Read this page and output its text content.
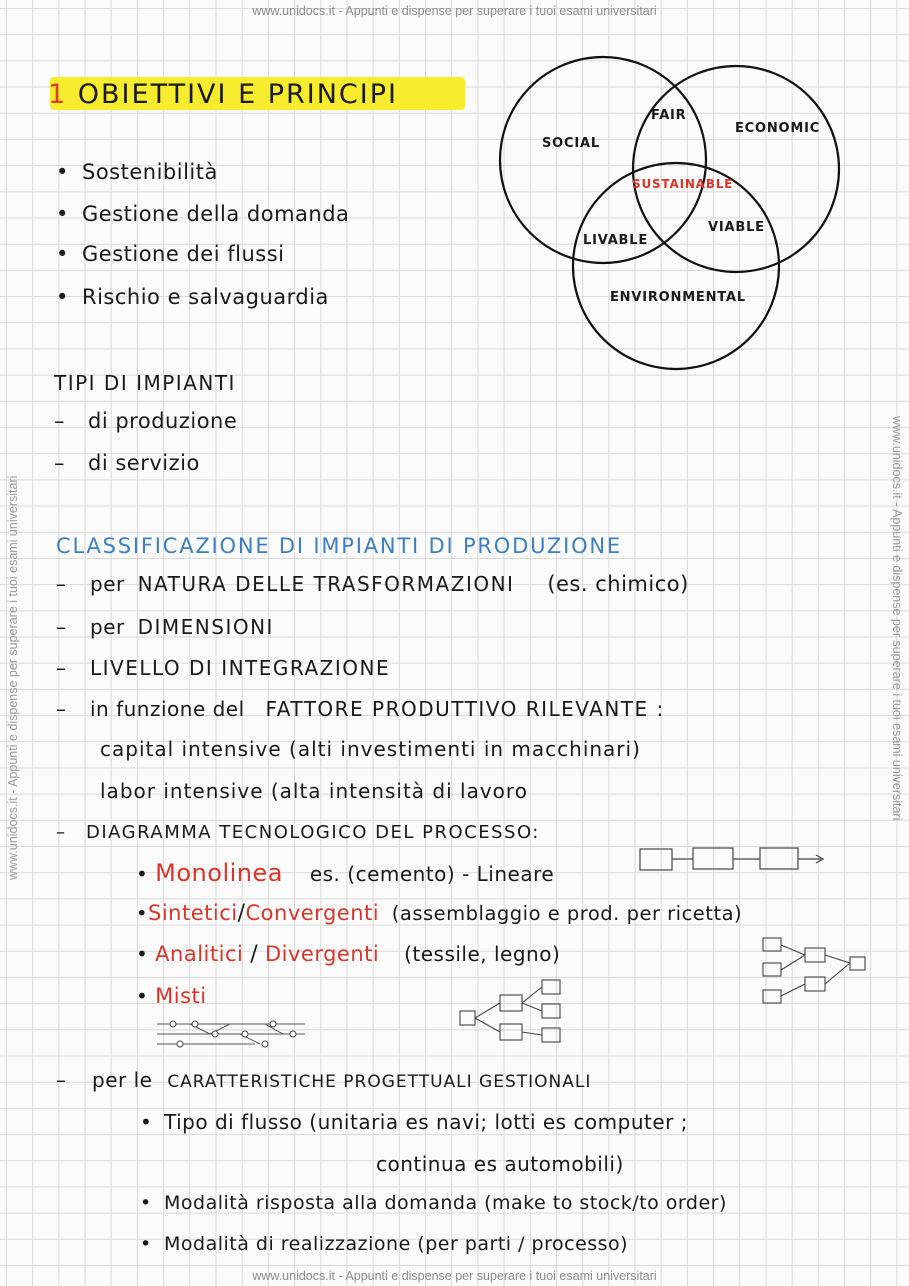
www.unidocs.it - Appunti e dispense per superare i tuoi esami universitari
www.unidocs.it - Appunti e dispense per superare i tuoi esami universitari
www.unidocs.it - Appunti e dispense per superare i tuoi esami universitari	www.unidocs.it - Appunti e dispense per superare i tuoi esami universitari
1 OBIETTIVI E PRINCIPI
• Sostenibilità
• Gestione della domanda
• Gestione dei flussi
• Rischio e salvaguardia
TIPI DI IMPIANTI
– di produzione
– di servizio
SOCIAL
ECONOMIC
ENVIRONMENTAL
FAIR
LIVABLE
VIABLE
SUSTAINABLE
CLASSIFICAZIONE DI IMPIANTI DI PRODUZIONE
– per NATURA DELLE TRASFORMAZIONI (es. chimico)
– per DIMENSIONI
– LIVELLO DI INTEGRAZIONE
– in funzione del FATTORE PRODUTTIVO RILEVANTE :
capital intensive (alti investimenti in macchinari)
labor intensive (alta intensità di lavoro
– DIAGRAMMA TECNOLOGICO DEL PROCESSO:
• Monolinea es. (cemento) - Lineare
•Sintetici/Convergenti (assemblaggio e prod. per ricetta)
• Analitici / Divergenti (tessile, legno)
• Misti
– per le CARATTERISTICHE PROGETTUALI GESTIONALI
• Tipo di flusso (unitaria es navi; lotti es computer ;
continua es automobili)
• Modalità risposta alla domanda (make to stock/to order)
• Modalità di realizzazione (per parti / processo)
